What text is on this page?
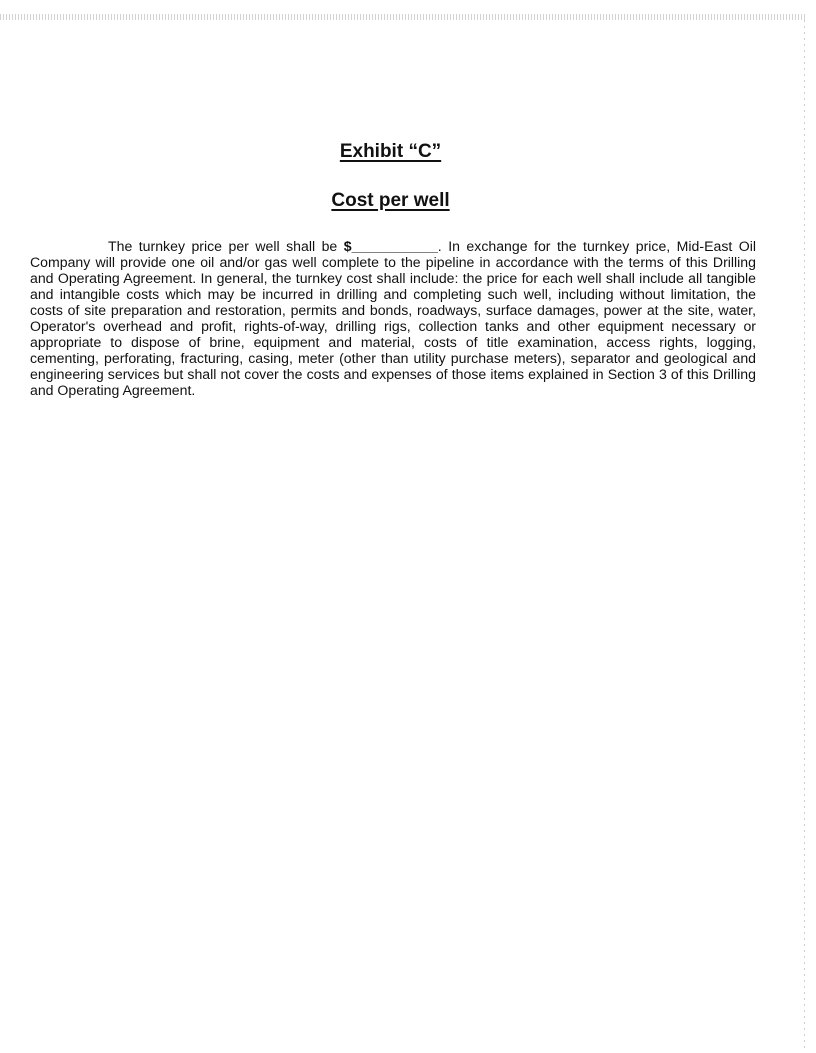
Exhibit “C”
Cost per well

The turnkey price per well shall be $___________. In exchange for the turnkey price, Mid-East Oil Company will provide one oil and/or gas well complete to the pipeline in accordance with the terms of this Drilling and Operating Agreement. In general, the turnkey cost shall include: the price for each well shall include all tangible and intangible costs which may be incurred in drilling and completing such well, including without limitation, the costs of site preparation and restoration, permits and bonds, roadways, surface damages, power at the site, water, Operator's overhead and profit, rights-of-way, drilling rigs, collection tanks and other equipment necessary or appropriate to dispose of brine, equipment and material, costs of title examination, access rights, logging, cementing, perforating, fracturing, casing, meter (other than utility purchase meters), separator and geological and engineering services but shall not cover the costs and expenses of those items explained in Section 3 of this Drilling and Operating Agreement.
